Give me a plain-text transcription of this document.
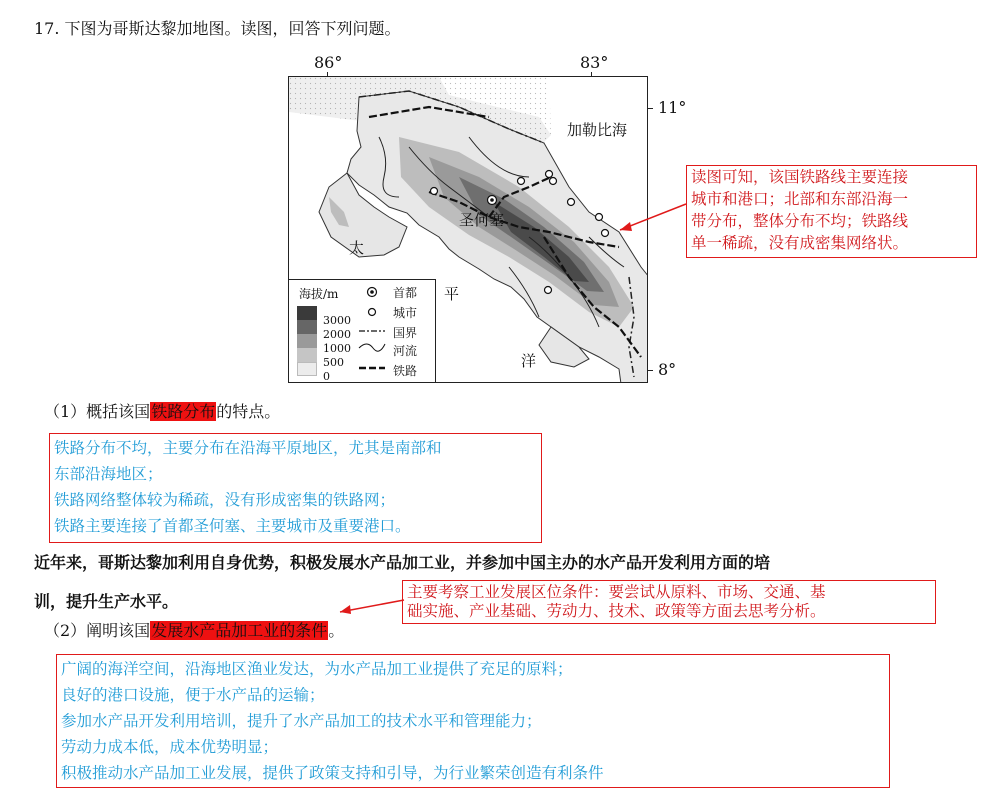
17. 下图为哥斯达黎加地图。读图，回答下列问题。
86°	83°
11°
8°
加勒比海
圣何塞
太
平
洋
海拔/m
3000
2000
1000
500
0
首都
城市
国界
河流
铁路
读图可知，该国铁路线主要连接
城市和港口；北部和东部沿海一
带分布，整体分布不均；铁路线
单一稀疏，没有成密集网络状。
（1）概括该国铁路分布的特点。
铁路分布不均，主要分布在沿海平原地区，尤其是南部和
东部沿海地区；
铁路网络整体较为稀疏，没有形成密集的铁路网；
铁路主要连接了首都圣何塞、主要城市及重要港口。
近年来，哥斯达黎加利用自身优势，积极发展水产品加工业，并参加中国主办的水产品开发利用方面的培
训，提升生产水平。	主要考察工业发展区位条件：要尝试从原料、市场、交通、基
础实施、产业基础、劳动力、技术、政策等方面去思考分析。
（2）阐明该国发展水产品加工业的条件。
广阔的海洋空间，沿海地区渔业发达，为水产品加工业提供了充足的原料；
良好的港口设施，便于水产品的运输；
参加水产品开发利用培训，提升了水产品加工的技术水平和管理能力；
劳动力成本低，成本优势明显；
积极推动水产品加工业发展，提供了政策支持和引导，为行业繁荣创造有利条件
